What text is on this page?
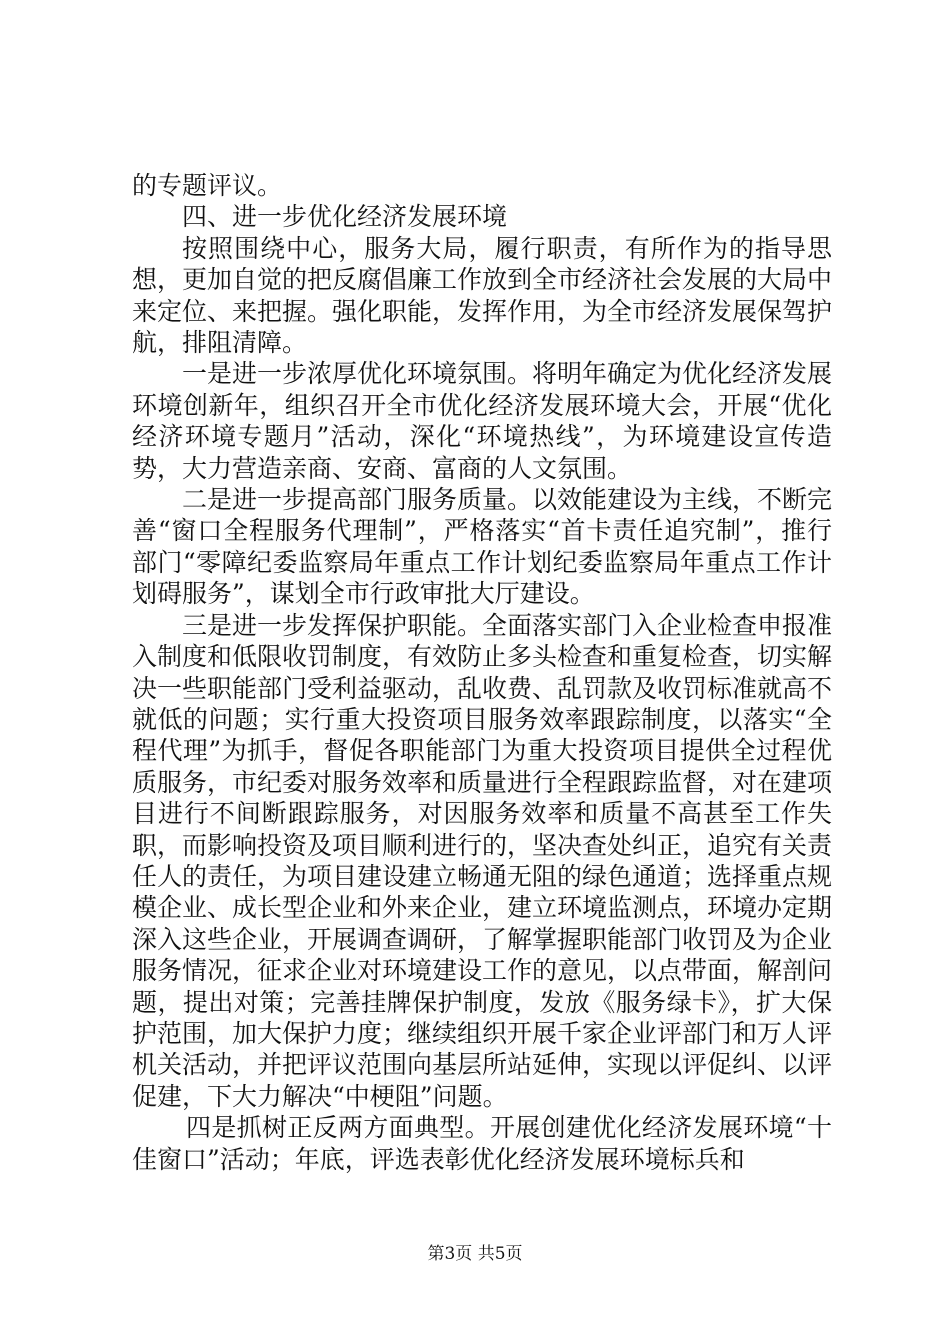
的专题评议。

四、进一步优化经济发展环境

按照围绕中心，服务大局，履行职责，有所作为的指导思想，更加自觉的把反腐倡廉工作放到全市经济社会发展的大局中来定位、来把握。强化职能，发挥作用，为全市经济发展保驾护航，排阻清障。

一是进一步浓厚优化环境氛围。将明年确定为优化经济发展环境创新年，组织召开全市优化经济发展环境大会，开展“优化经济环境专题月”活动，深化“环境热线”，为环境建设宣传造势，大力营造亲商、安商、富商的人文氛围。

二是进一步提高部门服务质量。以效能建设为主线，不断完善“窗口全程服务代理制”，严格落实“首卡责任追究制”，推行部门“零障纪委监察局年重点工作计划纪委监察局年重点工作计划碍服务”，谋划全市行政审批大厅建设。

三是进一步发挥保护职能。全面落实部门入企业检查申报准入制度和低限收罚制度，有效防止多头检查和重复检查，切实解决一些职能部门受利益驱动，乱收费、乱罚款及收罚标准就高不就低的问题；实行重大投资项目服务效率跟踪制度，以落实“全程代理”为抓手，督促各职能部门为重大投资项目提供全过程优质服务，市纪委对服务效率和质量进行全程跟踪监督，对在建项目进行不间断跟踪服务，对因服务效率和质量不高甚至工作失职，而影响投资及项目顺利进行的，坚决查处纠正，追究有关责任人的责任，为项目建设建立畅通无阻的绿色通道；选择重点规模企业、成长型企业和外来企业，建立环境监测点，环境办定期深入这些企业，开展调查调研，了解掌握职能部门收罚及为企业服务情况，征求企业对环境建设工作的意见，以点带面，解剖问题，提出对策；完善挂牌保护制度，发放《服务绿卡》，扩大保护范围，加大保护力度；继续组织开展千家企业评部门和万人评机关活动，并把评议范围向基层所站延伸，实现以评促纠、以评促建，下大力解决“中梗阻”问题。

四是抓树正反两方面典型。开展创建优化经济发展环境“十佳窗口”活动；年底，评选表彰优化经济发展环境标兵和

第3页 共5页
